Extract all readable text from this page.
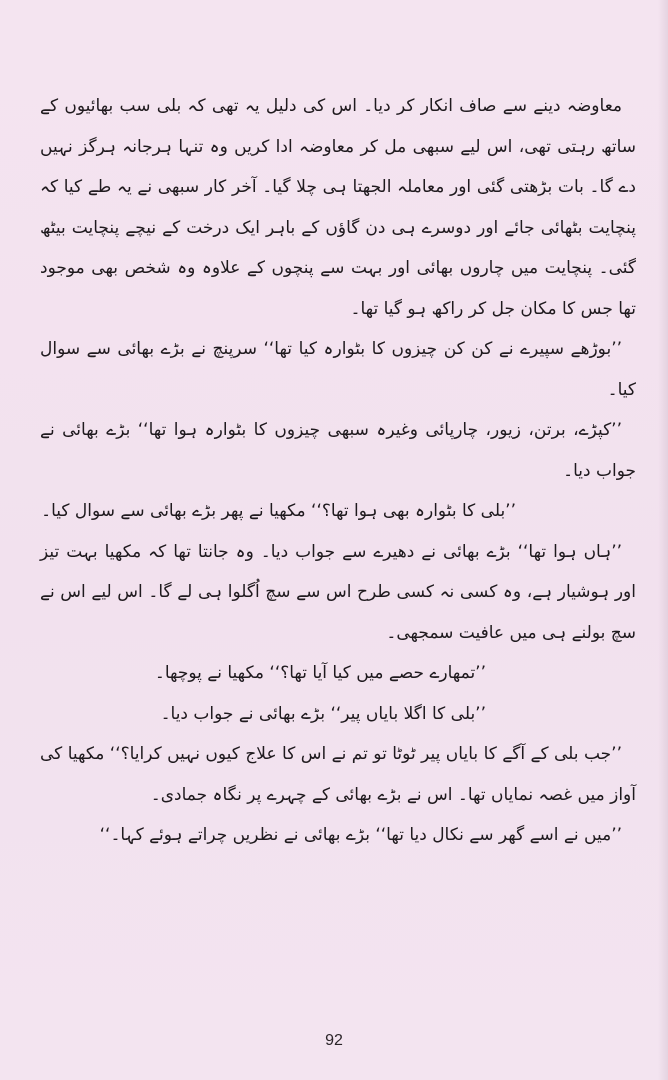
معاوضہ دینے سے صاف انکار کر دیا۔ اس کی دلیل یہ تھی کہ بلی سب بھائیوں کے ساتھ رہتی تھی، اس لیے سبھی مل کر معاوضہ ادا کریں وہ تنہا ہرجانہ ہرگز نہیں دے گا۔ بات بڑھتی گئی اور معاملہ الجھتا ہی چلا گیا۔ آخر کار سبھی نے یہ طے کیا کہ پنچایت بٹھائی جائے اور دوسرے ہی دن گاؤں کے باہر ایک درخت کے نیچے پنچایت بیٹھ گئی۔ پنچایت میں چاروں بھائی اور بہت سے پنچوں کے علاوہ وہ شخص بھی موجود تھا جس کا مکان جل کر راکھ ہو گیا تھا۔

’’بوڑھے سپیرے نے کن کن چیزوں کا بٹوارہ کیا تھا‘‘ سرپنچ نے بڑے بھائی سے سوال کیا۔

’’کپڑے، برتن، زیور، چارپائی وغیرہ سبھی چیزوں کا بٹوارہ ہوا تھا‘‘ بڑے بھائی نے جواب دیا۔

’’بلی کا بٹوارہ بھی ہوا تھا؟‘‘ مکھیا نے پھر بڑے بھائی سے سوال کیا۔

’’ہاں ہوا تھا‘‘ بڑے بھائی نے دھیرے سے جواب دیا۔ وہ جانتا تھا کہ مکھیا بہت تیز اور ہوشیار ہے، وہ کسی نہ کسی طرح اس سے سچ اُگلوا ہی لے گا۔ اس لیے اس نے سچ بولنے ہی میں عافیت سمجھی۔

’’تمھارے حصے میں کیا آیا تھا؟‘‘ مکھیا نے پوچھا۔

’’بلی کا اگلا بایاں پیر‘‘ بڑے بھائی نے جواب دیا۔

’’جب بلی کے آگے کا بایاں پیر ٹوٹا تو تم نے اس کا علاج کیوں نہیں کرایا؟‘‘ مکھیا کی آواز میں غصہ نمایاں تھا۔ اس نے بڑے بھائی کے چہرے پر نگاہ جمادی۔

’’میں نے اسے گھر سے نکال دیا تھا‘‘ بڑے بھائی نے نظریں چراتے ہوئے کہا۔‘‘

92
